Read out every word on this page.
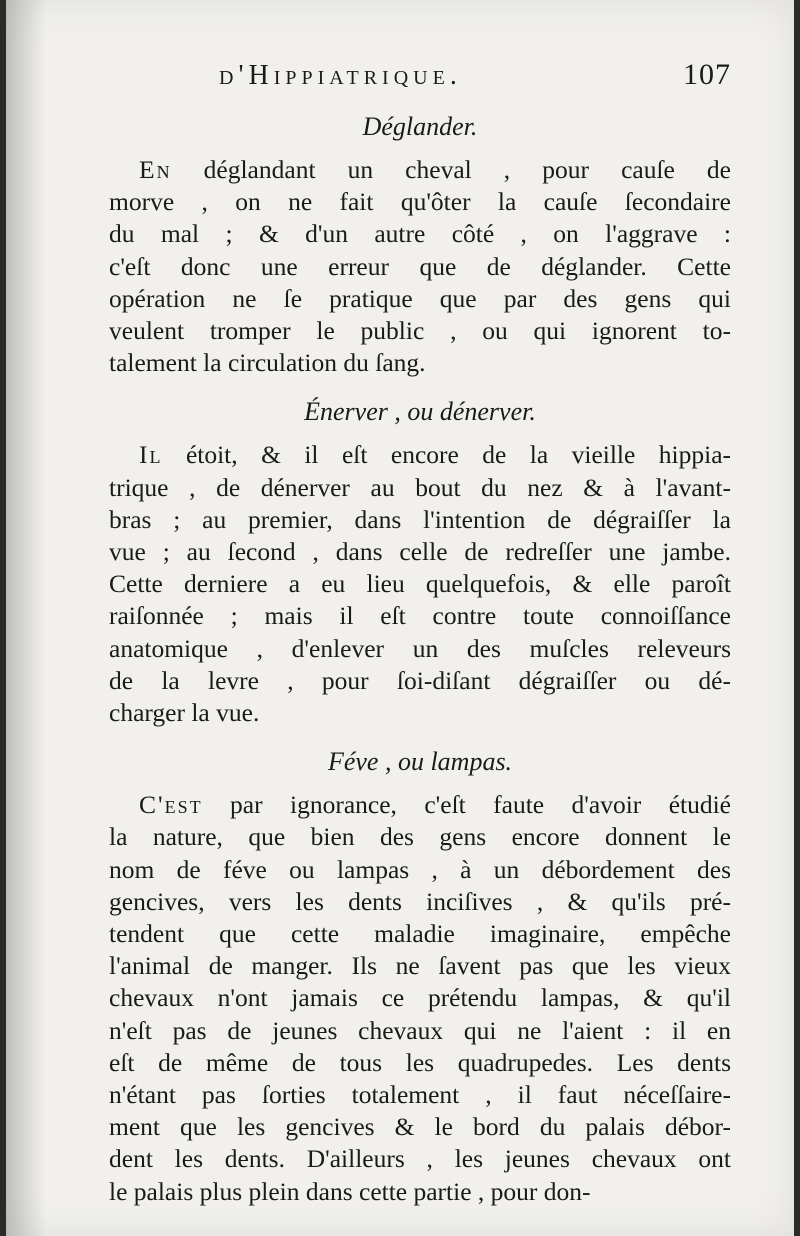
d'Hippiatrique.	107
Déglander.
En déglandant un cheval , pour cauſe de
morve , on ne fait qu'ôter la cauſe ſecondaire
du mal ; & d'un autre côté , on l'aggrave :
c'eſt donc une erreur que de déglander. Cette
opération ne ſe pratique que par des gens qui
veulent tromper le public , ou qui ignorent to-
talement la circulation du ſang.
Énerver , ou dénerver.
Il étoit, & il eſt encore de la vieille hippia-
trique , de dénerver au bout du nez & à l'avant-
bras ; au premier, dans l'intention de dégraiſſer la
vue ; au ſecond , dans celle de redreſſer une jambe.
Cette derniere a eu lieu quelquefois, & elle paroît
raiſonnée ; mais il eſt contre toute connoiſſance
anatomique , d'enlever un des muſcles releveurs
de la levre , pour ſoi-diſant dégraiſſer ou dé-
charger la vue.
Féve , ou lampas.
C'est par ignorance, c'eſt faute d'avoir étudié
la nature, que bien des gens encore donnent le
nom de féve ou lampas , à un débordement des
gencives, vers les dents inciſives , & qu'ils pré-
tendent que cette maladie imaginaire, empêche
l'animal de manger. Ils ne ſavent pas que les vieux
chevaux n'ont jamais ce prétendu lampas, & qu'il
n'eſt pas de jeunes chevaux qui ne l'aient : il en
eſt de même de tous les quadrupedes. Les dents
n'étant pas ſorties totalement , il faut néceſſaire-
ment que les gencives & le bord du palais débor-
dent les dents. D'ailleurs , les jeunes chevaux ont
le palais plus plein dans cette partie , pour don-
